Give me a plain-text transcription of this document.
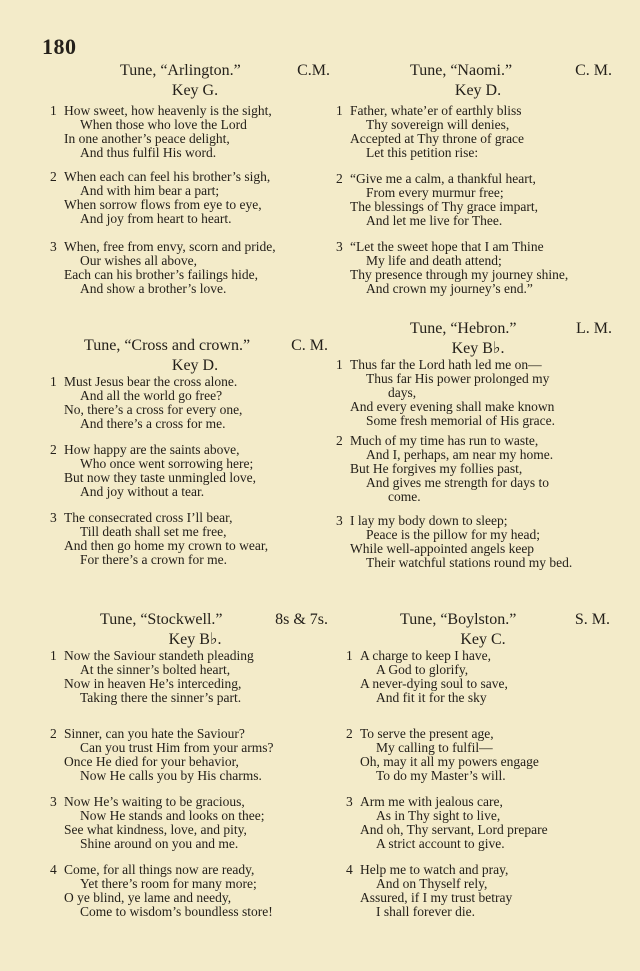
180
Tune, “Arlington.”	C.M.
Key G.
1 How sweet, how heavenly is the sight,
When those who love the Lord
In one another’s peace delight,
And thus fulfil His word.
2 When each can feel his brother’s sigh,
And with him bear a part;
When sorrow flows from eye to eye,
And joy from heart to heart.
3 When, free from envy, scorn and pride,
Our wishes all above,
Each can his brother’s failings hide,
And show a brother’s love.
Tune, “Naomi.”	C. M.
Key D.
1 Father, whate’er of earthly bliss
Thy sovereign will denies,
Accepted at Thy throne of grace
Let this petition rise:
2 “Give me a calm, a thankful heart,
From every murmur free;
The blessings of Thy grace impart,
And let me live for Thee.
3 “Let the sweet hope that I am Thine
My life and death attend;
Thy presence through my journey shine,
And crown my journey’s end.”
Tune, “Cross and crown.”	C. M.
Key D.
1 Must Jesus bear the cross alone.
And all the world go free?
No, there’s a cross for every one,
And there’s a cross for me.
2 How happy are the saints above,
Who once went sorrowing here;
But now they taste unmingled love,
And joy without a tear.
3 The consecrated cross I’ll bear,
Till death shall set me free,
And then go home my crown to wear,
For there’s a crown for me.
Tune, “Hebron.”	L. M.
Key B♭.
1 Thus far the Lord hath led me on—
Thus far His power prolonged my
days,
And every evening shall make known
Some fresh memorial of His grace.
2 Much of my time has run to waste,
And I, perhaps, am near my home.
But He forgives my follies past,
And gives me strength for days to
come.
3 I lay my body down to sleep;
Peace is the pillow for my head;
While well-appointed angels keep
Their watchful stations round my bed.
Tune, “Stockwell.”	8s & 7s.
Key B♭.
1 Now the Saviour standeth pleading
At the sinner’s bolted heart,
Now in heaven He’s interceding,
Taking there the sinner’s part.
2 Sinner, can you hate the Saviour?
Can you trust Him from your arms?
Once He died for your behavior,
Now He calls you by His charms.
3 Now He’s waiting to be gracious,
Now He stands and looks on thee;
See what kindness, love, and pity,
Shine around on you and me.
4 Come, for all things now are ready,
Yet there’s room for many more;
O ye blind, ye lame and needy,
Come to wisdom’s boundless store!
Tune, “Boylston.”	S. M.
Key C.
1 A charge to keep I have,
A God to glorify,
A never-dying soul to save,
And fit it for the sky
2 To serve the present age,
My calling to fulfil—
Oh, may it all my powers engage
To do my Master’s will.
3 Arm me with jealous care,
As in Thy sight to live,
And oh, Thy servant, Lord prepare
A strict account to give.
4 Help me to watch and pray,
And on Thyself rely,
Assured, if I my trust betray
I shall forever die.
